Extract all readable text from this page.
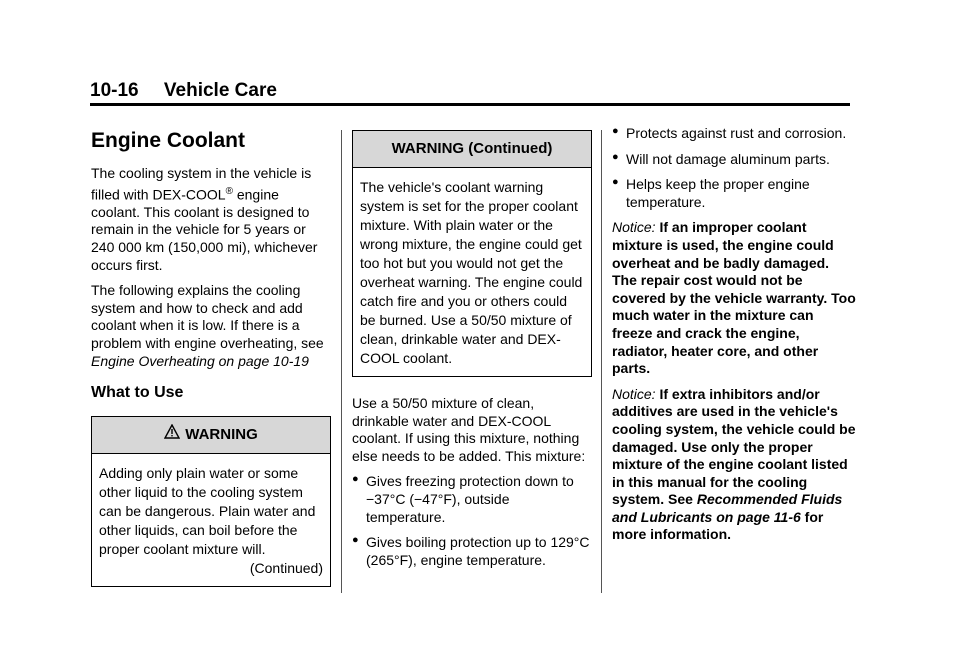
10-16 Vehicle Care
Engine Coolant

The cooling system in the vehicle is filled with DEX-COOL® engine coolant. This coolant is designed to remain in the vehicle for 5 years or 240 000 km (150,000 mi), whichever occurs first.

The following explains the cooling system and how to check and add coolant when it is low. If there is a problem with engine overheating, see Engine Overheating on page 10-19

What to Use
WARNING
Adding only plain water or some other liquid to the cooling system can be dangerous. Plain water and other liquids, can boil before the proper coolant mixture will.
(Continued)
WARNING (Continued)
The vehicle's coolant warning system is set for the proper coolant mixture. With plain water or the wrong mixture, the engine could get too hot but you would not get the overheat warning. The engine could catch fire and you or others could be burned. Use a 50/50 mixture of clean, drinkable water and DEX-COOL coolant.

Use a 50/50 mixture of clean, drinkable water and DEX-COOL coolant. If using this mixture, nothing else needs to be added. This mixture:

● Gives freezing protection down to −37°C (−47°F), outside temperature.
● Gives boiling protection up to 129°C (265°F), engine temperature.
● Protects against rust and corrosion.
● Will not damage aluminum parts.
● Helps keep the proper engine temperature.

Notice: If an improper coolant mixture is used, the engine could overheat and be badly damaged. The repair cost would not be covered by the vehicle warranty. Too much water in the mixture can freeze and crack the engine, radiator, heater core, and other parts.

Notice: If extra inhibitors and/or additives are used in the vehicle's cooling system, the vehicle could be damaged. Use only the proper mixture of the engine coolant listed in this manual for the cooling system. See Recommended Fluids and Lubricants on page 11-6 for more information.
